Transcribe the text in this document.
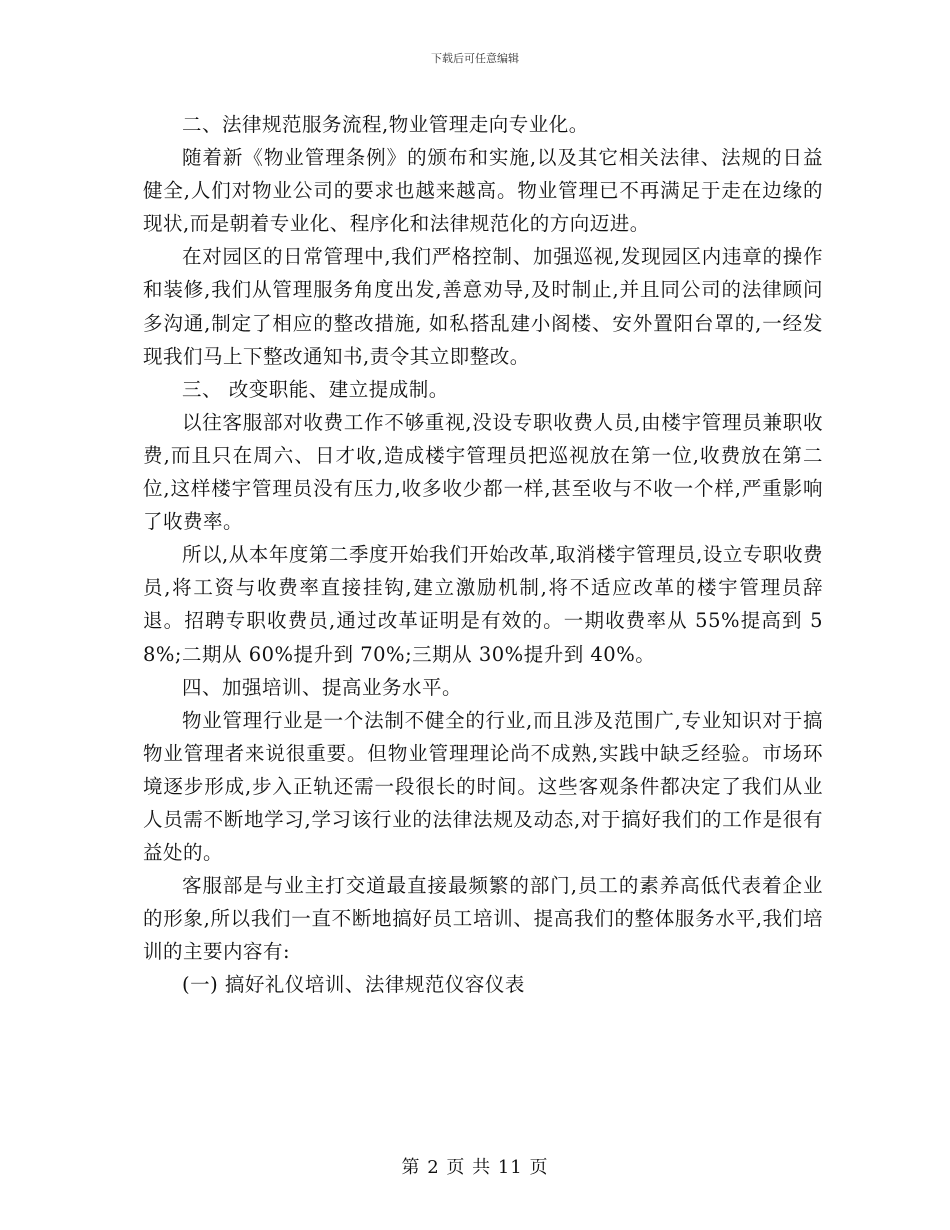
下载后可任意编辑

二、法律规范服务流程,物业管理走向专业化。

随着新《物业管理条例》的颁布和实施,以及其它相关法律、法规的日益健全,人们对物业公司的要求也越来越高。物业管理已不再满足于走在边缘的现状,而是朝着专业化、程序化和法律规范化的方向迈进。

在对园区的日常管理中,我们严格控制、加强巡视,发现园区内违章的操作和装修,我们从管理服务角度出发,善意劝导,及时制止,并且同公司的法律顾问多沟通,制定了相应的整改措施, 如私搭乱建小阁楼、安外置阳台罩的,一经发现我们马上下整改通知书,责令其立即整改。

三、 改变职能、建立提成制。

以往客服部对收费工作不够重视,没设专职收费人员,由楼宇管理员兼职收费,而且只在周六、日才收,造成楼宇管理员把巡视放在第一位,收费放在第二位,这样楼宇管理员没有压力,收多收少都一样,甚至收与不收一个样,严重影响了收费率。

所以,从本年度第二季度开始我们开始改革,取消楼宇管理员,设立专职收费员,将工资与收费率直接挂钩,建立激励机制,将不适应改革的楼宇管理员辞退。招聘专职收费员,通过改革证明是有效的。一期收费率从 55%提高到 58%;二期从 60%提升到 70%;三期从 30%提升到 40%。

四、加强培训、提高业务水平。

物业管理行业是一个法制不健全的行业,而且涉及范围广,专业知识对于搞物业管理者来说很重要。但物业管理理论尚不成熟,实践中缺乏经验。市场环境逐步形成,步入正轨还需一段很长的时间。这些客观条件都决定了我们从业人员需不断地学习,学习该行业的法律法规及动态,对于搞好我们的工作是很有益处的。

客服部是与业主打交道最直接最频繁的部门,员工的素养高低代表着企业的形象,所以我们一直不断地搞好员工培训、提高我们的整体服务水平,我们培训的主要内容有:

(一) 搞好礼仪培训、法律规范仪容仪表

第 2 页 共 11 页
